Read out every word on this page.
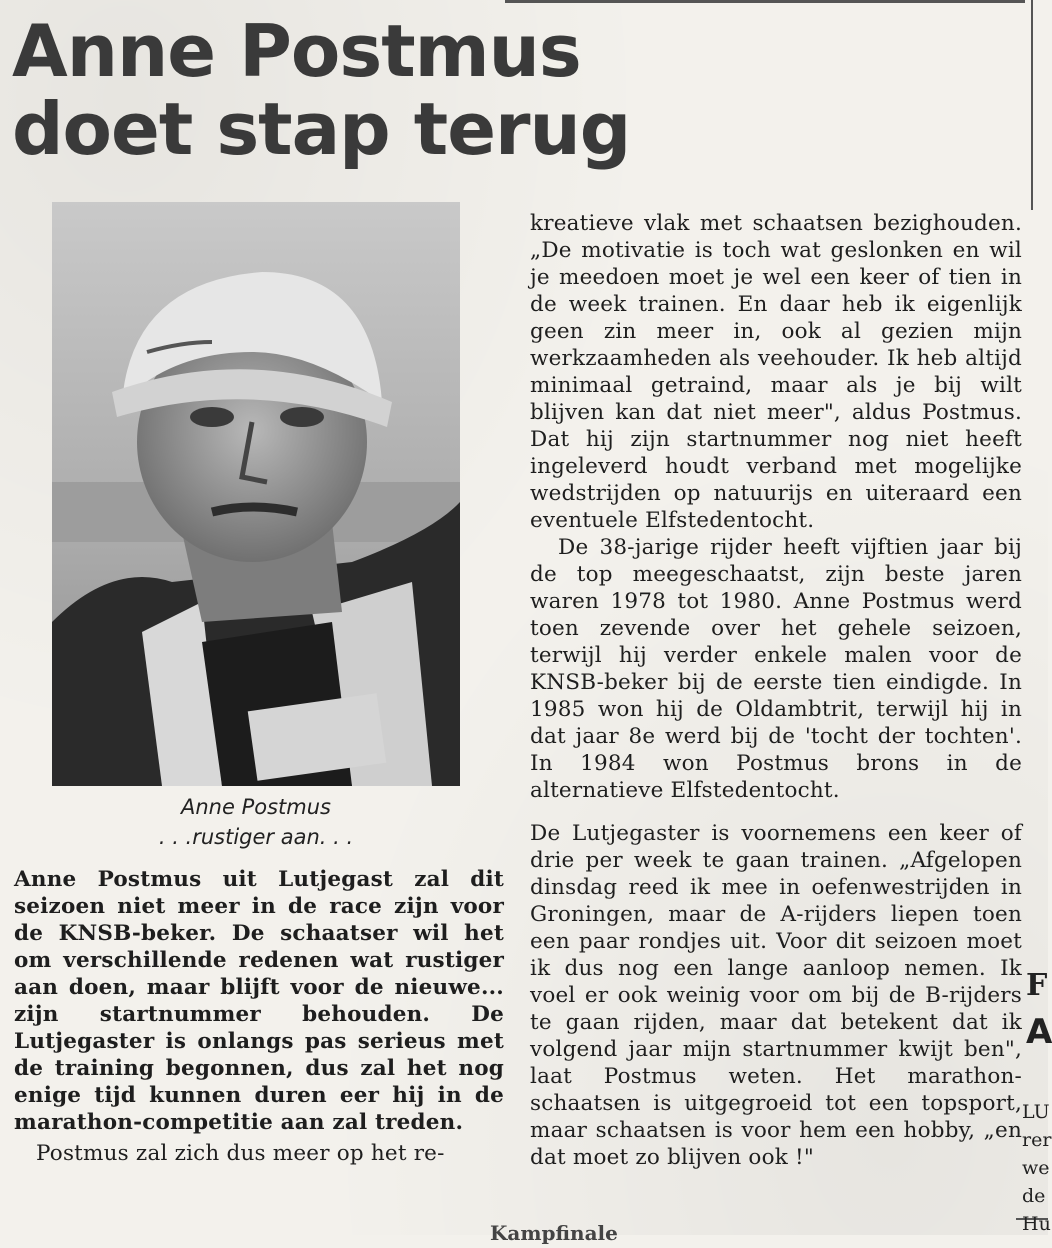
Anne Postmus
doet stap terug
Anne Postmus
. . .rustiger aan. . .

Anne Postmus uit Lutjegast zal dit seizoen niet meer in de race zijn voor de KNSB-beker. De schaatser wil het om verschillende redenen wat rustiger aan doen, maar blijft voor de nieuwe... zijn startnummer behouden. De Lutjegaster is onlangs pas serieus met de training begonnen, dus zal het nog enige tijd kunnen duren eer hij in de marathon-competitie aan zal treden.

Postmus zal zich dus meer op het re-

kreatieve vlak met schaatsen bezighouden. „De motivatie is toch wat geslonken en wil je meedoen moet je wel een keer of tien in de week trainen. En daar heb ik eigenlijk geen zin meer in, ook al gezien mijn werkzaamheden als veehouder. Ik heb altijd minimaal getraind, maar als je bij wilt blijven kan dat niet meer", aldus Postmus. Dat hij zijn startnummer nog niet heeft ingeleverd houdt verband met mogelijke wedstrijden op natuurijs en uiteraard een eventuele Elfstedentocht.

De 38-jarige rijder heeft vijftien jaar bij de top meegeschaatst, zijn beste jaren waren 1978 tot 1980. Anne Postmus werd toen zevende over het gehele seizoen, terwijl hij verder enkele malen voor de KNSB-beker bij de eerste tien eindigde. In 1985 won hij de Oldambtrit, terwijl hij in dat jaar 8e werd bij de 'tocht der tochten'. In 1984 won Postmus brons in de alternatieve Elfstedentocht.

De Lutjegaster is voornemens een keer of drie per week te gaan trainen. „Afgelopen dinsdag reed ik mee in oefenwestrijden in Groningen, maar de A-rijders liepen toen een paar rondjes uit. Voor dit seizoen moet ik dus nog een lange aanloop nemen. Ik voel er ook weinig voor om bij de B-rijders te gaan rijden, maar dat betekent dat ik volgend jaar mijn startnummer kwijt ben", laat Postmus weten. Het marathon-schaatsen is uitgegroeid tot een topsport, maar schaatsen is voor hem een hobby, „en dat moet zo blijven ook !"

F
A
LU
rer
we
de
Hu
Kampfinale
